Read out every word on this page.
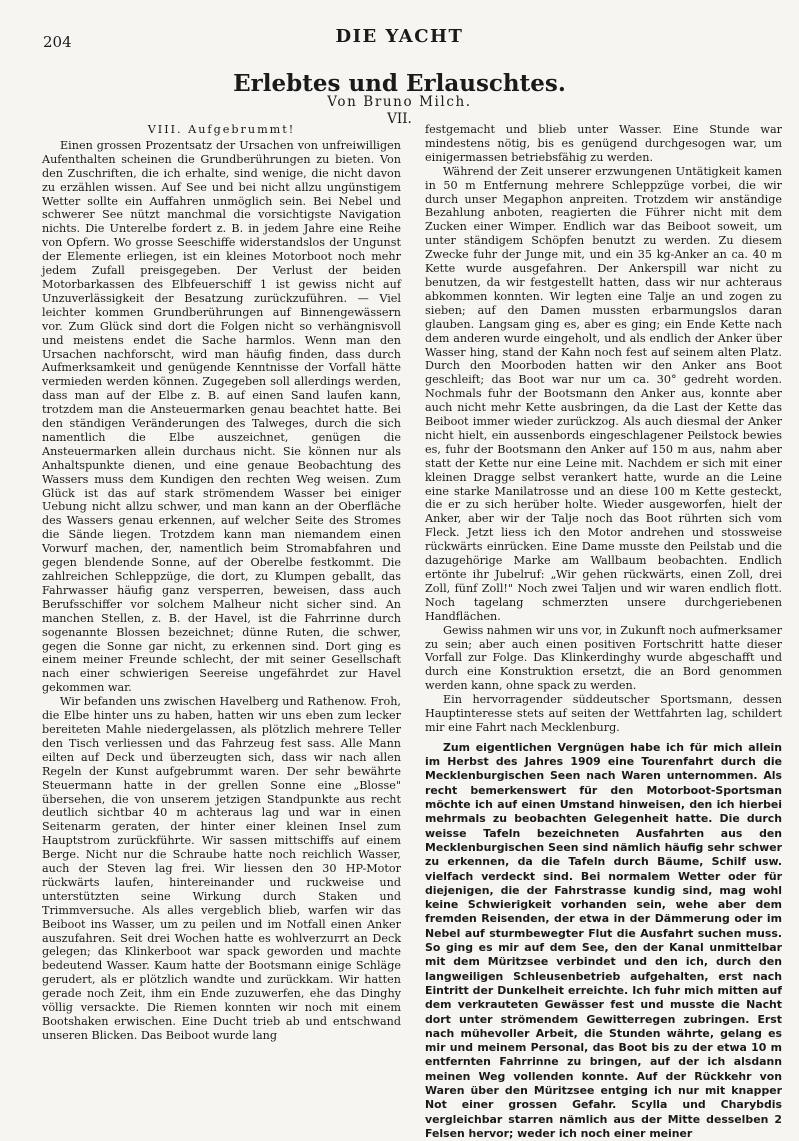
204	DIE YACHT
Erlebtes und Erlauschtes.
Von Bruno Milch.
VII.

VIII. Aufgebrummt!

Einen grossen Prozentsatz der Ursachen von unfreiwilligen Aufenthalten scheinen die Grundberührungen zu bieten. Von den Zuschriften, die ich erhalte, sind wenige, die nicht davon zu erzählen wissen. Auf See und bei nicht allzu ungünstigem Wetter sollte ein Auffahren unmöglich sein. Bei Nebel und schwerer See nützt manchmal die vorsichtigste Navigation nichts. Die Unterelbe fordert z. B. in jedem Jahre eine Reihe von Opfern. Wo grosse Seeschiffe widerstandslos der Ungunst der Elemente erliegen, ist ein kleines Motorboot noch mehr jedem Zufall preisgegeben. Der Verlust der beiden Motorbarkassen des Elbfeuerschiff 1 ist gewiss nicht auf Unzuverlässigkeit der Besatzung zurückzuführen. — Viel leichter kommen Grundberührungen auf Binnengewässern vor. Zum Glück sind dort die Folgen nicht so verhängnisvoll und meistens endet die Sache harmlos. Wenn man den Ursachen nachforscht, wird man häufig finden, dass durch Aufmerksamkeit und genügende Kenntnisse der Vorfall hätte vermieden werden können. Zugegeben soll allerdings werden, dass man auf der Elbe z. B. auf einen Sand laufen kann, trotzdem man die Ansteuermarken genau beachtet hatte. Bei den ständigen Veränderungen des Talweges, durch die sich namentlich die Elbe auszeichnet, genügen die Ansteuermarken allein durchaus nicht. Sie können nur als Anhaltspunkte dienen, und eine genaue Beobachtung des Wassers muss dem Kundigen den rechten Weg weisen. Zum Glück ist das auf stark strömendem Wasser bei einiger Uebung nicht allzu schwer, und man kann an der Oberfläche des Wassers genau erkennen, auf welcher Seite des Stromes die Sände liegen. Trotzdem kann man niemandem einen Vorwurf machen, der, namentlich beim Stromabfahren und gegen blendende Sonne, auf der Oberelbe festkommt. Die zahlreichen Schleppzüge, die dort, zu Klumpen geballt, das Fahrwasser häufig ganz versperren, beweisen, dass auch Berufsschiffer vor solchem Malheur nicht sicher sind. An manchen Stellen, z. B. der Havel, ist die Fahrrinne durch sogenannte Blossen bezeichnet; dünne Ruten, die schwer, gegen die Sonne gar nicht, zu erkennen sind. Dort ging es einem meiner Freunde schlecht, der mit seiner Gesellschaft nach einer schwierigen Seereise ungefährdet zur Havel gekommen war.

Wir befanden uns zwischen Havelberg und Rathenow. Froh, die Elbe hinter uns zu haben, hatten wir uns eben zum lecker bereiteten Mahle niedergelassen, als plötzlich mehrere Teller den Tisch verliessen und das Fahrzeug fest sass. Alle Mann eilten auf Deck und überzeugten sich, dass wir nach allen Regeln der Kunst aufgebrummt waren. Der sehr bewährte Steuermann hatte in der grellen Sonne eine „Blosse" übersehen, die von unserem jetzigen Standpunkte aus recht deutlich sichtbar 40 m achteraus lag und war in einen Seitenarm geraten, der hinter einer kleinen Insel zum Hauptstrom zurückführte. Wir sassen mittschiffs auf einem Berge. Nicht nur die Schraube hatte noch reichlich Wasser, auch der Steven lag frei. Wir liessen den 30 HP-Motor rückwärts laufen, hintereinander und ruckweise und unterstützten seine Wirkung durch Staken und Trimmversuche. Als alles vergeblich blieb, warfen wir das Beiboot ins Wasser, um zu peilen und im Notfall einen Anker auszufahren. Seit drei Wochen hatte es wohlverzurrt an Deck gelegen; das Klinkerboot war spack geworden und machte bedeutend Wasser. Kaum hatte der Bootsmann einige Schläge gerudert, als er plötzlich wandte und zurückkam. Wir hatten gerade noch Zeit, ihm ein Ende zuzuwerfen, ehe das Dinghy völlig versackte. Die Riemen konnten wir noch mit einem Bootshaken erwischen. Eine Ducht trieb ab und entschwand unseren Blicken. Das Beiboot wurde lang

festgemacht und blieb unter Wasser. Eine Stunde war mindestens nötig, bis es genügend durchgesogen war, um einigermassen betriebsfähig zu werden.

Während der Zeit unserer erzwungenen Untätigkeit kamen in 50 m Entfernung mehrere Schleppzüge vorbei, die wir durch unser Megaphon anpreiten. Trotzdem wir anständige Bezahlung anboten, reagierten die Führer nicht mit dem Zucken einer Wimper. Endlich war das Beiboot soweit, um unter ständigem Schöpfen benutzt zu werden. Zu diesem Zwecke fuhr der Junge mit, und ein 35 kg-Anker an ca. 40 m Kette wurde ausgefahren. Der Ankerspill war nicht zu benutzen, da wir festgestellt hatten, dass wir nur achteraus abkommen konnten. Wir legten eine Talje an und zogen zu sieben; auf den Damen mussten erbarmungslos daran glauben. Langsam ging es, aber es ging; ein Ende Kette nach dem anderen wurde eingeholt, und als endlich der Anker über Wasser hing, stand der Kahn noch fest auf seinem alten Platz. Durch den Moorboden hatten wir den Anker ans Boot geschleift; das Boot war nur um ca. 30° gedreht worden. Nochmals fuhr der Bootsmann den Anker aus, konnte aber auch nicht mehr Kette ausbringen, da die Last der Kette das Beiboot immer wieder zurückzog. Als auch diesmal der Anker nicht hielt, ein aussenbords eingeschlagener Peilstock bewies es, fuhr der Bootsmann den Anker auf 150 m aus, nahm aber statt der Kette nur eine Leine mit. Nachdem er sich mit einer kleinen Dragge selbst verankert hatte, wurde an die Leine eine starke Manilatrosse und an diese 100 m Kette gesteckt, die er zu sich herüber holte. Wieder ausgeworfen, hielt der Anker, aber wir der Talje noch das Boot rührten sich vom Fleck. Jetzt liess ich den Motor andrehen und stossweise rückwärts einrücken. Eine Dame musste den Peilstab und die dazugehörige Marke am Wallbaum beobachten. Endlich ertönte ihr Jubelruf: „Wir gehen rückwärts, einen Zoll, drei Zoll, fünf Zoll!" Noch zwei Taljen und wir waren endlich flott. Noch tagelang schmerzten unsere durchgeriebenen Handflächen.

Gewiss nahmen wir uns vor, in Zukunft noch aufmerksamer zu sein; aber auch einen positiven Fortschritt hatte dieser Vorfall zur Folge. Das Klinkerdinghy wurde abgeschafft und durch eine Konstruktion ersetzt, die an Bord genommen werden kann, ohne spack zu werden.

Ein hervorragender süddeutscher Sportsmann, dessen Hauptinteresse stets auf seiten der Wettfahrten lag, schildert mir eine Fahrt nach Mecklenburg.

Zum eigentlichen Vergnügen habe ich für mich allein im Herbst des Jahres 1909 eine Tourenfahrt durch die Mecklenburgischen Seen nach Waren unternommen. Als recht bemerkenswert für den Motorboot-Sportsman möchte ich auf einen Umstand hinweisen, den ich hierbei mehrmals zu beobachten Gelegenheit hatte. Die durch weisse Tafeln bezeichneten Ausfahrten aus den Mecklenburgischen Seen sind nämlich häufig sehr schwer zu erkennen, da die Tafeln durch Bäume, Schilf usw. vielfach verdeckt sind. Bei normalem Wetter oder für diejenigen, die der Fahrstrasse kundig sind, mag wohl keine Schwierigkeit vorhanden sein, wehe aber dem fremden Reisenden, der etwa in der Dämmerung oder im Nebel auf sturmbewegter Flut die Ausfahrt suchen muss. So ging es mir auf dem See, den der Kanal unmittelbar mit dem Müritzsee verbindet und den ich, durch den langweiligen Schleusenbetrieb aufgehalten, erst nach Eintritt der Dunkelheit erreichte. Ich fuhr mich mitten auf dem verkrauteten Gewässer fest und musste die Nacht dort unter strömendem Gewitterregen zubringen. Erst nach mühevoller Arbeit, die Stunden währte, gelang es mir und meinem Personal, das Boot bis zu der etwa 10 m entfernten Fahrrinne zu bringen, auf der ich alsdann meinen Weg vollenden konnte. Auf der Rückkehr von Waren über den Müritzsee entging ich nur mit knapper Not einer grossen Gefahr. Scylla und Charybdis vergleichbar starren nämlich aus der Mitte desselben 2 Felsen hervor; weder ich noch einer meiner
